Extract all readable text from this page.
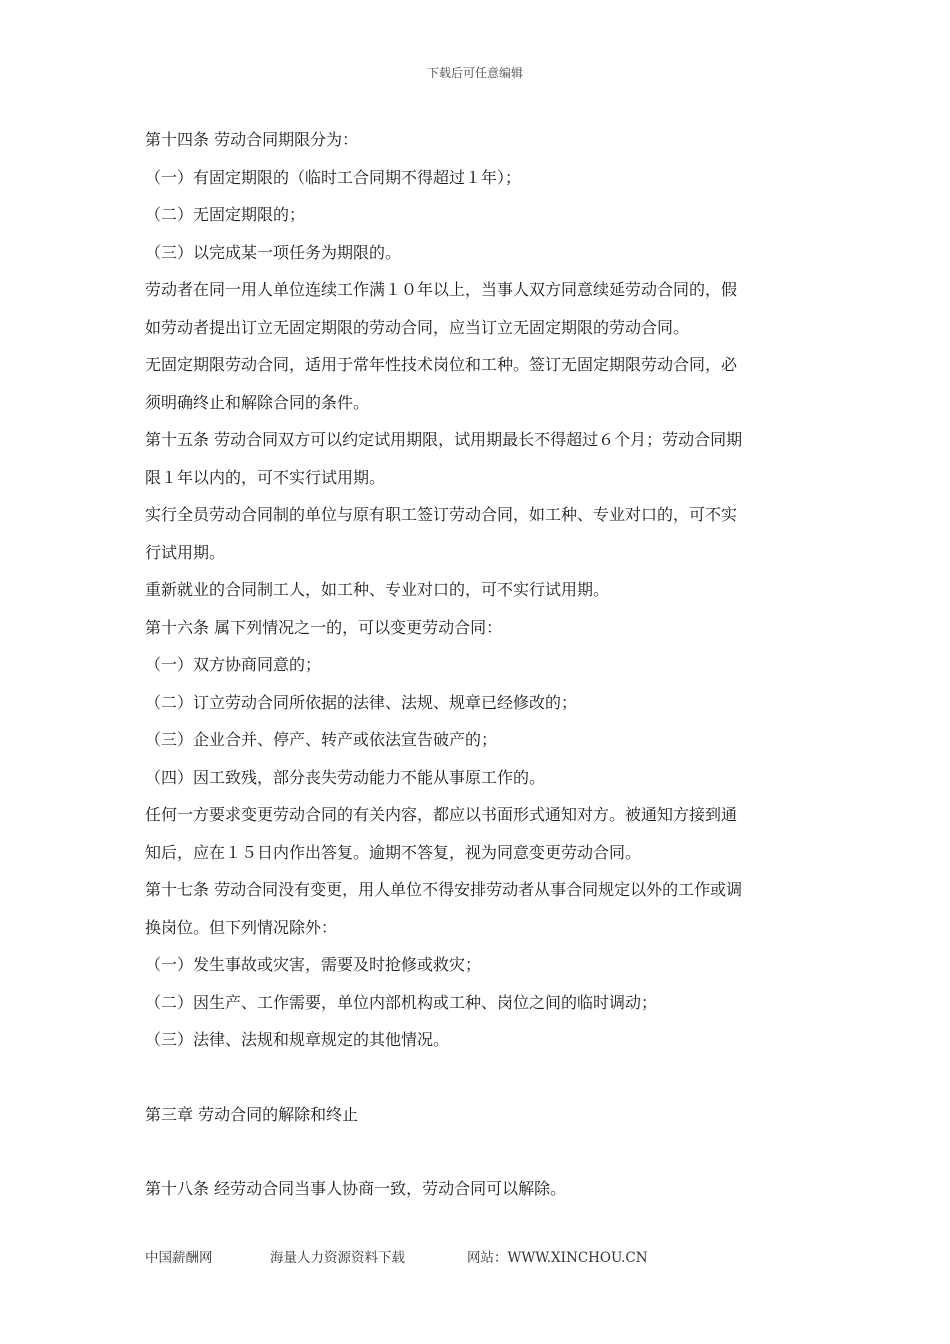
下载后可任意编辑

第十四条 劳动合同期限分为：

（一）有固定期限的（临时工合同期不得超过１年）；

（二）无固定期限的；

（三）以完成某一项任务为期限的。

劳动者在同一用人单位连续工作满１０年以上，当事人双方同意续延劳动合同的，假

如劳动者提出订立无固定期限的劳动合同，应当订立无固定期限的劳动合同。

无固定期限劳动合同，适用于常年性技术岗位和工种。签订无固定期限劳动合同，必

须明确终止和解除合同的条件。

第十五条 劳动合同双方可以约定试用期限，试用期最长不得超过６个月；劳动合同期

限１年以内的，可不实行试用期。

实行全员劳动合同制的单位与原有职工签订劳动合同，如工种、专业对口的，可不实

行试用期。

重新就业的合同制工人，如工种、专业对口的，可不实行试用期。

第十六条 属下列情况之一的，可以变更劳动合同：

（一）双方协商同意的；

（二）订立劳动合同所依据的法律、法规、规章已经修改的；

（三）企业合并、停产、转产或依法宣告破产的；

（四）因工致残，部分丧失劳动能力不能从事原工作的。

任何一方要求变更劳动合同的有关内容，都应以书面形式通知对方。被通知方接到通

知后，应在１５日内作出答复。逾期不答复，视为同意变更劳动合同。

第十七条 劳动合同没有变更，用人单位不得安排劳动者从事合同规定以外的工作或调

换岗位。但下列情况除外：

（一）发生事故或灾害，需要及时抢修或救灾；

（二）因生产、工作需要，单位内部机构或工种、岗位之间的临时调动；

（三）法律、法规和规章规定的其他情况。

第三章 劳动合同的解除和终止

第十八条 经劳动合同当事人协商一致，劳动合同可以解除。

中国薪酬网	海量人力资源资料下载	网站：WWW.XINCHOU.CN
